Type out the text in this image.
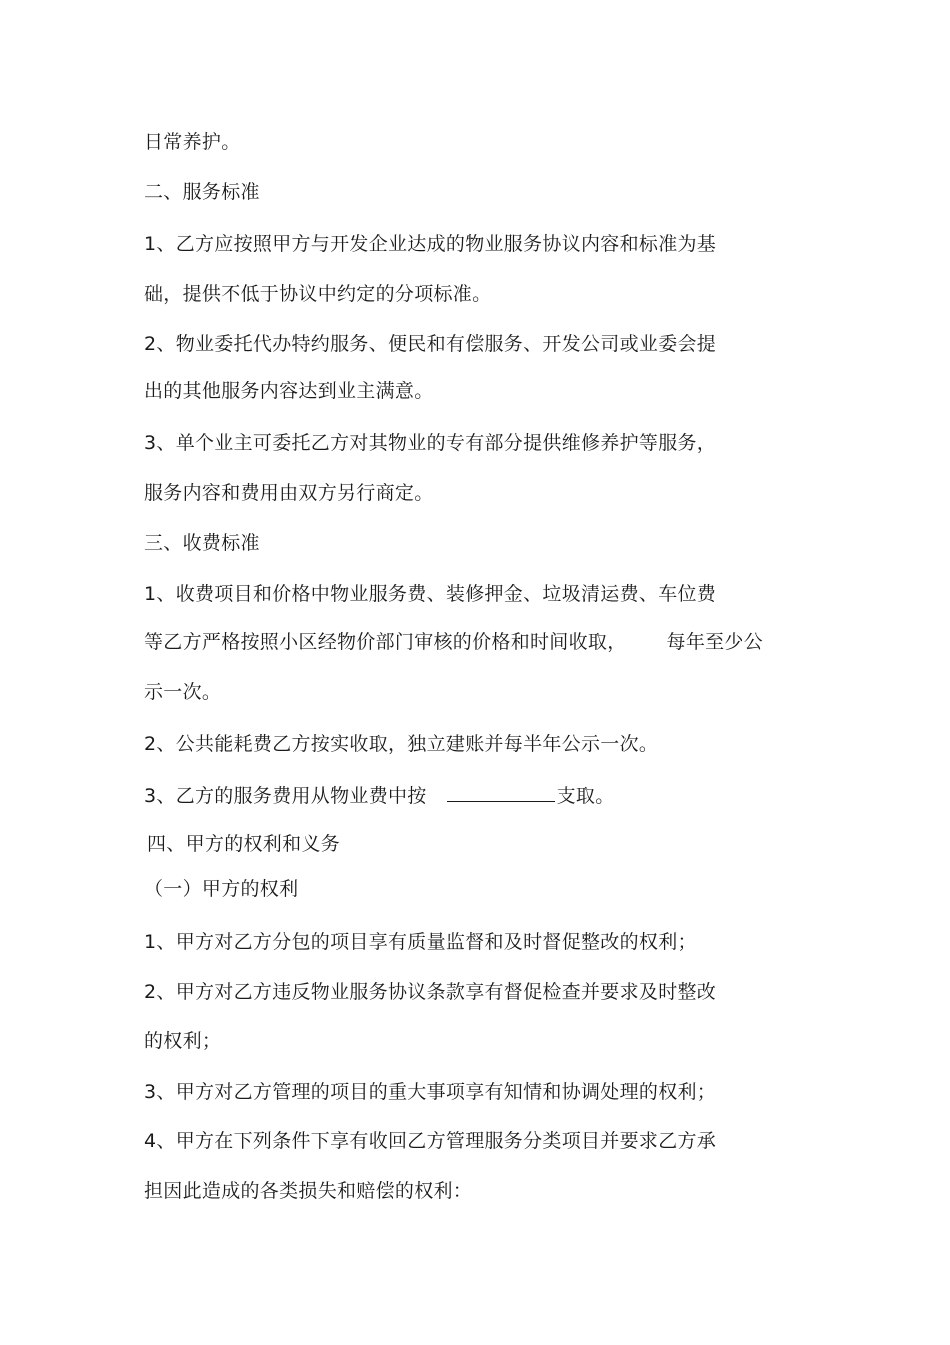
日常养护。
二、服务标准
1、乙方应按照甲方与开发企业达成的物业服务协议内容和标准为基
础，提供不低于协议中约定的分项标准。
2、物业委托代办特约服务、便民和有偿服务、开发公司或业委会提
出的其他服务内容达到业主满意。
3、单个业主可委托乙方对其物业的专有部分提供维修养护等服务，
服务内容和费用由双方另行商定。
三、收费标准
1、收费项目和价格中物业服务费、装修押金、垃圾清运费、车位费
等乙方严格按照小区经物价部门审核的价格和时间收取， 每年至少公
示一次。
2、公共能耗费乙方按实收取，独立建账并每半年公示一次。
3、乙方的服务费用从物业费中按	支取。
四、甲方的权利和义务
（一）甲方的权利
1、甲方对乙方分包的项目享有质量监督和及时督促整改的权利；
2、甲方对乙方违反物业服务协议条款享有督促检查并要求及时整改
的权利；
3、甲方对乙方管理的项目的重大事项享有知情和协调处理的权利；
4、甲方在下列条件下享有收回乙方管理服务分类项目并要求乙方承
担因此造成的各类损失和赔偿的权利：
